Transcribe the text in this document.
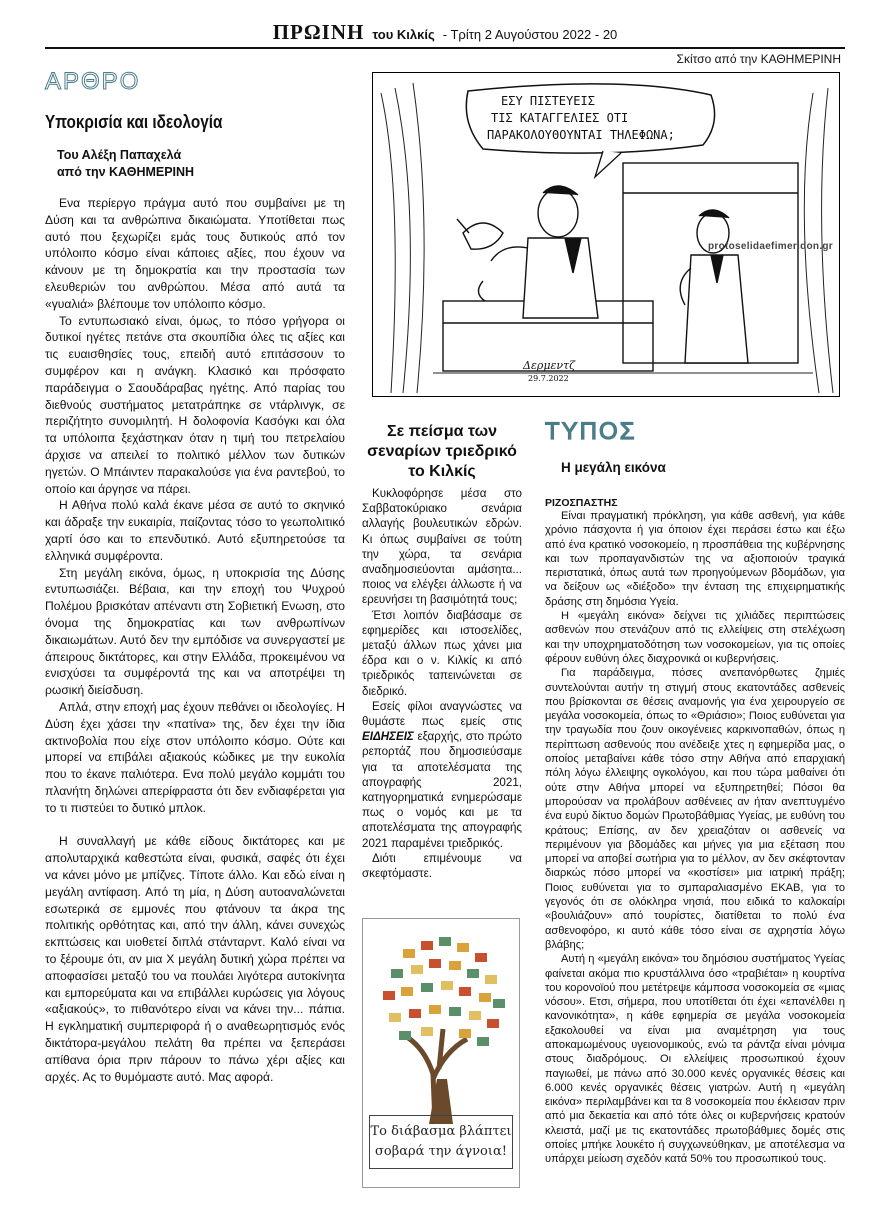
ΠΡΩΙΝΗ του Κιλκίς - Τρίτη 2 Αυγούστου 2022 - 20
Σκίτσο από την ΚΑΘΗΜΕΡΙΝΗ
ΑΡΘΡΟ
Υποκρισία και ιδεολογία
Του Αλέξη Παπαχελά
από την ΚΑΘΗΜΕΡΙΝΗ

Ενα περίεργο πράγμα αυτό που συμβαίνει με τη Δύση και τα ανθρώπινα δικαιώματα. Υποτίθεται πως αυτό που ξεχωρίζει εμάς τους δυτικούς από τον υπόλοιπο κόσμο είναι κάποιες αξίες, που έχουν να κάνουν με τη δημοκρατία και την προστασία των ελευθεριών του ανθρώπου. Μέσα από αυτά τα «γυαλιά» βλέπουμε τον υπόλοιπο κόσμο.

Το εντυπωσιακό είναι, όμως, το πόσο γρήγορα οι δυτικοί ηγέτες πετάνε στα σκουπίδια όλες τις αξίες και τις ευαισθησίες τους, επειδή αυτό επιτάσσουν το συμφέρον και η ανάγκη. Κλασικό και πρόσφατο παράδειγμα ο Σαουδάραβας ηγέτης. Από παρίας του διεθνούς συστήματος μετατράπηκε σε ντάρλινγκ, σε περιζήτητο συνομιλητή. Η δολοφονία Κασόγκι και όλα τα υπόλοιπα ξεχάστηκαν όταν η τιμή του πετρελαίου άρχισε να απειλεί το πολιτικό μέλλον των δυτικών ηγετών. Ο Μπάιντεν παρακαλούσε για ένα ραντεβού, το οποίο και άργησε να πάρει.

Η Αθήνα πολύ καλά έκανε μέσα σε αυτό το σκηνικό και άδραξε την ευκαιρία, παίζοντας τόσο το γεωπολιτικό χαρτί όσο και το επενδυτικό. Αυτό εξυπηρετούσε τα ελληνικά συμφέροντα.

Στη μεγάλη εικόνα, όμως, η υποκρισία της Δύσης εντυπωσιάζει. Βέβαια, και την εποχή του Ψυχρού Πολέμου βρισκόταν απέναντι στη Σοβιετική Ενωση, στο όνομα της δημοκρατίας και των ανθρωπίνων δικαιωμάτων. Αυτό δεν την εμπόδισε να συνεργαστεί με άπειρους δικτάτορες, και στην Ελλάδα, προκειμένου να ενισχύσει τα συμφέροντά της και να αποτρέψει τη ρωσική διείσδυση.

Απλά, στην εποχή μας έχουν πεθάνει οι ιδεολογίες. Η Δύση έχει χάσει την «πατίνα» της, δεν έχει την ίδια ακτινοβολία που είχε στον υπόλοιπο κόσμο. Ούτε και μπορεί να επιβάλει αξιακούς κώδικες με την ευκολία που το έκανε παλιότερα. Ενα πολύ μεγάλο κομμάτι του πλανήτη δηλώνει απερίφραστα ότι δεν ενδιαφέρεται για το τι πιστεύει το δυτικό μπλοκ.

Η συναλλαγή με κάθε είδους δικτάτορες και με απολυταρχικά καθεστώτα είναι, φυσικά, σαφές ότι έχει να κάνει μόνο με μπίζνες. Τίποτε άλλο. Και εδώ είναι η μεγάλη αντίφαση. Από τη μία, η Δύση αυτοαναλώνεται εσωτερικά σε εμμονές που φτάνουν τα άκρα της πολιτικής ορθότητας και, από την άλλη, κάνει συνεχώς εκπτώσεις και υιοθετεί διπλά στάνταρντ. Καλό είναι να το ξέρουμε ότι, αν μια Χ μεγάλη δυτική χώρα πρέπει να αποφασίσει μεταξύ του να πουλάει λιγότερα αυτοκίνητα και εμπορεύματα και να επιβάλλει κυρώσεις για λόγους «αξιακούς», το πιθανότερο είναι να κάνει την... πάπια. Η εγκληματική συμπεριφορά ή ο αναθεωρητισμός ενός δικτάτορα-μεγάλου πελάτη θα πρέπει να ξεπεράσει απίθανα όρια πριν πάρουν το πάνω χέρι αξίες και αρχές. Ας το θυμόμαστε αυτό. Μας αφορά.

ΕΣΥ ΠΙΣΤΕΥΕΙΣ
ΤΙΣ ΚΑΤΑΓΓΕΛΙΕΣ ΟΤΙ
ΠΑΡΑΚΟΛΟΥΘΟΥΝΤΑΙ ΤΗΛΕΦΩΝΑ;
Δερμεντζ
29.7.2022
protoselidaefimeridon.gr
Σε πείσμα των σεναρίων τριεδρικό το Κιλκίς

Κυκλοφόρησε μέσα στο Σαββατοκύριακο σενάρια αλλαγής βουλευτικών εδρών. Κι όπως συμβαίνει σε τούτη την χώρα, τα σενάρια αναδημοσιεύονται αμάσητα... ποιος να ελέγξει άλλωστε ή να ερευνήσει τη βασιμότητά τους;

Έτσι λοιπόν διαβάσαμε σε εφημερίδες και ιστοσελίδες, μεταξύ άλλων πως χάνει μια έδρα και ο ν. Κιλκίς κι από τριεδρικός ταπεινώνεται σε διεδρικό.

Εσείς φίλοι αναγνώστες να θυμάστε πως εμείς στις ΕΙΔΗΣΕΙΣ εξαρχής, στο πρώτο ρεπορτάζ που δημοσιεύσαμε για τα αποτελέσματα της απογραφής 2021, κατηγορηματικά ενημερώσαμε πως ο νομός και με τα αποτελέσματα της απογραφής 2021 παραμένει τριεδρικός.

Διότι επιμένουμε να σκεφτόμαστε.

Το διάβασμα βλάπτει
σοβαρά την άγνοια!
ΤΥΠΟΣ
Η μεγάλη εικόνα
ΡΙΖΟΣΠΑΣΤΗΣ

Είναι πραγματική πρόκληση, για κάθε ασθενή, για κάθε χρόνιο πάσχοντα ή για όποιον έχει περάσει έστω και έξω από ένα κρατικό νοσοκομείο, η προσπάθεια της κυβέρνησης και των προπαγανδιστών της να αξιοποιούν τραγικά περιστατικά, όπως αυτά των προηγούμενων βδομάδων, για να δείξουν ως «διέξοδο» την ένταση της επιχειρηματικής δράσης στη δημόσια Υγεία.

Η «μεγάλη εικόνα» δείχνει τις χιλιάδες περιπτώσεις ασθενών που στενάζουν από τις ελλείψεις στη στελέχωση και την υποχρηματοδότηση των νοσοκομείων, για τις οποίες φέρουν ευθύνη όλες διαχρονικά οι κυβερνήσεις.

Για παράδειγμα, πόσες ανεπανόρθωτες ζημιές συντελούνται αυτήν τη στιγμή στους εκατοντάδες ασθενείς που βρίσκονται σε θέσεις αναμονής για ένα χειρουργείο σε μεγάλα νοσοκομεία, όπως το «Θριάσιο»; Ποιος ευθύνεται για την τραγωδία που ζουν οικογένειες καρκινοπαθών, όπως η περίπτωση ασθενούς που ανέδειξε χτες η εφημερίδα μας, ο οποίος μεταβαίνει κάθε τόσο στην Αθήνα από επαρχιακή πόλη λόγω έλλειψης ογκολόγου, και που τώρα μαθαίνει ότι ούτε στην Αθήνα μπορεί να εξυπηρετηθεί; Πόσοι θα μπορούσαν να προλάβουν ασθένειες αν ήταν ανεπτυγμένο ένα ευρύ δίκτυο δομών Πρωτοβάθμιας Υγείας, με ευθύνη του κράτους; Επίσης, αν δεν χρειαζόταν οι ασθενείς να περιμένουν για βδομάδες και μήνες για μια εξέταση που μπορεί να αποβεί σωτήρια για το μέλλον, αν δεν σκέφτονταν διαρκώς πόσο μπορεί να «κοστίσει» μια ιατρική πράξη; Ποιος ευθύνεται για το σμπαραλιασμένο ΕΚΑΒ, για το γεγονός ότι σε ολόκληρα νησιά, που ειδικά το καλοκαίρι «βουλιάζουν» από τουρίστες, διατίθεται το πολύ ένα ασθενοφόρο, κι αυτό κάθε τόσο είναι σε αχρηστία λόγω βλάβης;

Αυτή η «μεγάλη εικόνα» του δημόσιου συστήματος Υγείας φαίνεται ακόμα πιο κρυστάλλινα όσο «τραβιέται» η κουρτίνα του κορονοϊού που μετέτρεψε κάμποσα νοσοκομεία σε «μιας νόσου». Ετσι, σήμερα, που υποτίθεται ότι έχει «επανέλθει η κανονικότητα», η κάθε εφημερία σε μεγάλα νοσοκομεία εξακολουθεί να είναι μια αναμέτρηση για τους αποκαμωμένους υγειονομικούς, ενώ τα ράντζα είναι μόνιμα στους διαδρόμους. Οι ελλείψεις προσωπικού έχουν παγιωθεί, με πάνω από 30.000 κενές οργανικές θέσεις και 6.000 κενές οργανικές θέσεις γιατρών. Αυτή η «μεγάλη εικόνα» περιλαμβάνει και τα 8 νοσοκομεία που έκλεισαν πριν από μια δεκαετία και από τότε όλες οι κυβερνήσεις κρατούν κλειστά, μαζί με τις εκατοντάδες πρωτοβάθμιες δομές στις οποίες μπήκε λουκέτο ή συγχωνεύθηκαν, με αποτέλεσμα να υπάρχει μείωση σχεδόν κατά 50% του προσωπικού τους.
